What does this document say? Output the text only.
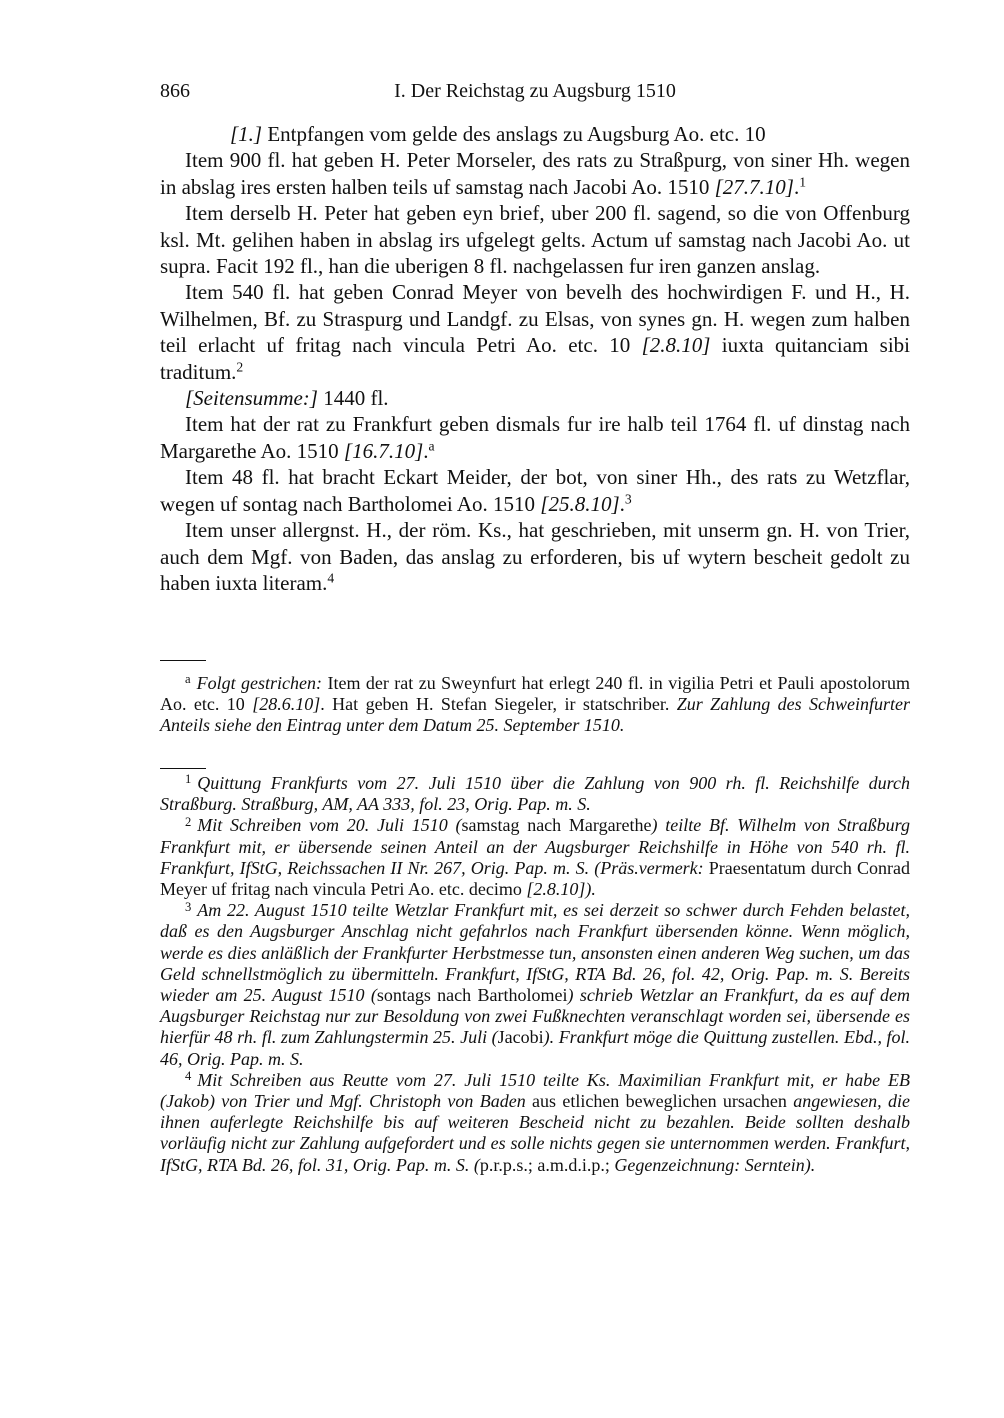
866	I. Der Reichstag zu Augsburg 1510

[1.] Entpfangen vom gelde des anslags zu Augsburg Ao. etc. 10

Item 900 fl. hat geben H. Peter Morseler, des rats zu Straßpurg, von siner Hh. wegen in abslag ires ersten halben teils uf samstag nach Jacobi Ao. 1510 [27.7.10].$^1$

Item derselb H. Peter hat geben eyn brief, uber 200 fl. sagend, so die von Offenburg ksl. Mt. gelihen haben in abslag irs ufgelegt gelts. Actum uf samstag nach Jacobi Ao. ut supra. Facit 192 fl., han die uberigen 8 fl. nachgelassen fur iren ganzen anslag.

Item 540 fl. hat geben Conrad Meyer von bevelh des hochwirdigen F. und H., H. Wilhelmen, Bf. zu Straspurg und Landgf. zu Elsas, von synes gn. H. wegen zum halben teil erlacht uf fritag nach vincula Petri Ao. etc. 10 [2.8.10] iuxta quitanciam sibi traditum.$^2$

[Seitensumme:] 1440 fl.

Item hat der rat zu Frankfurt geben dismals fur ire halb teil 1764 fl. uf dinstag nach Margarethe Ao. 1510 [16.7.10].$^a$

Item 48 fl. hat bracht Eckart Meider, der bot, von siner Hh., des rats zu Wetzflar, wegen uf sontag nach Bartholomei Ao. 1510 [25.8.10].$^3$

Item unser allergnst. H., der röm. Ks., hat geschrieben, mit unserm gn. H. von Trier, auch dem Mgf. von Baden, das anslag zu erforderen, bis uf wytern bescheit gedolt zu haben iuxta literam.$^4$

$^a$ Folgt gestrichen: Item der rat zu Sweynfurt hat erlegt 240 fl. in vigilia Petri et Pauli apostolorum Ao. etc. 10 [28.6.10]. Hat geben H. Stefan Siegeler, ir statschriber. Zur Zahlung des Schweinfurter Anteils siehe den Eintrag unter dem Datum 25. September 1510.

$^1$ Quittung Frankfurts vom 27. Juli 1510 über die Zahlung von 900 rh. fl. Reichshilfe durch Straßburg. Straßburg, AM, AA 333, fol. 23, Orig. Pap. m. S.

$^2$ Mit Schreiben vom 20. Juli 1510 (samstag nach Margarethe) teilte Bf. Wilhelm von Straßburg Frankfurt mit, er übersende seinen Anteil an der Augsburger Reichshilfe in Höhe von 540 rh. fl. Frankfurt, IfStG, Reichssachen II Nr. 267, Orig. Pap. m. S. (Präs.vermerk: Praesentatum durch Conrad Meyer uf fritag nach vincula Petri Ao. etc. decimo [2.8.10]).

$^3$ Am 22. August 1510 teilte Wetzlar Frankfurt mit, es sei derzeit so schwer durch Fehden belastet, daß es den Augsburger Anschlag nicht gefahrlos nach Frankfurt übersenden könne. Wenn möglich, werde es dies anläßlich der Frankfurter Herbstmesse tun, ansonsten einen anderen Weg suchen, um das Geld schnellstmöglich zu übermitteln. Frankfurt, IfStG, RTA Bd. 26, fol. 42, Orig. Pap. m. S. Bereits wieder am 25. August 1510 (sontags nach Bartholomei) schrieb Wetzlar an Frankfurt, da es auf dem Augsburger Reichstag nur zur Besoldung von zwei Fußknechten veranschlagt worden sei, übersende es hierfür 48 rh. fl. zum Zahlungstermin 25. Juli (Jacobi). Frankfurt möge die Quittung zustellen. Ebd., fol. 46, Orig. Pap. m. S.

$^4$ Mit Schreiben aus Reutte vom 27. Juli 1510 teilte Ks. Maximilian Frankfurt mit, er habe EB (Jakob) von Trier und Mgf. Christoph von Baden aus etlichen beweglichen ursachen angewiesen, die ihnen auferlegte Reichshilfe bis auf weiteren Bescheid nicht zu bezahlen. Beide sollten deshalb vorläufig nicht zur Zahlung aufgefordert und es solle nichts gegen sie unternommen werden. Frankfurt, IfStG, RTA Bd. 26, fol. 31, Orig. Pap. m. S. (p.r.p.s.; a.m.d.i.p.; Gegenzeichnung: Serntein).
